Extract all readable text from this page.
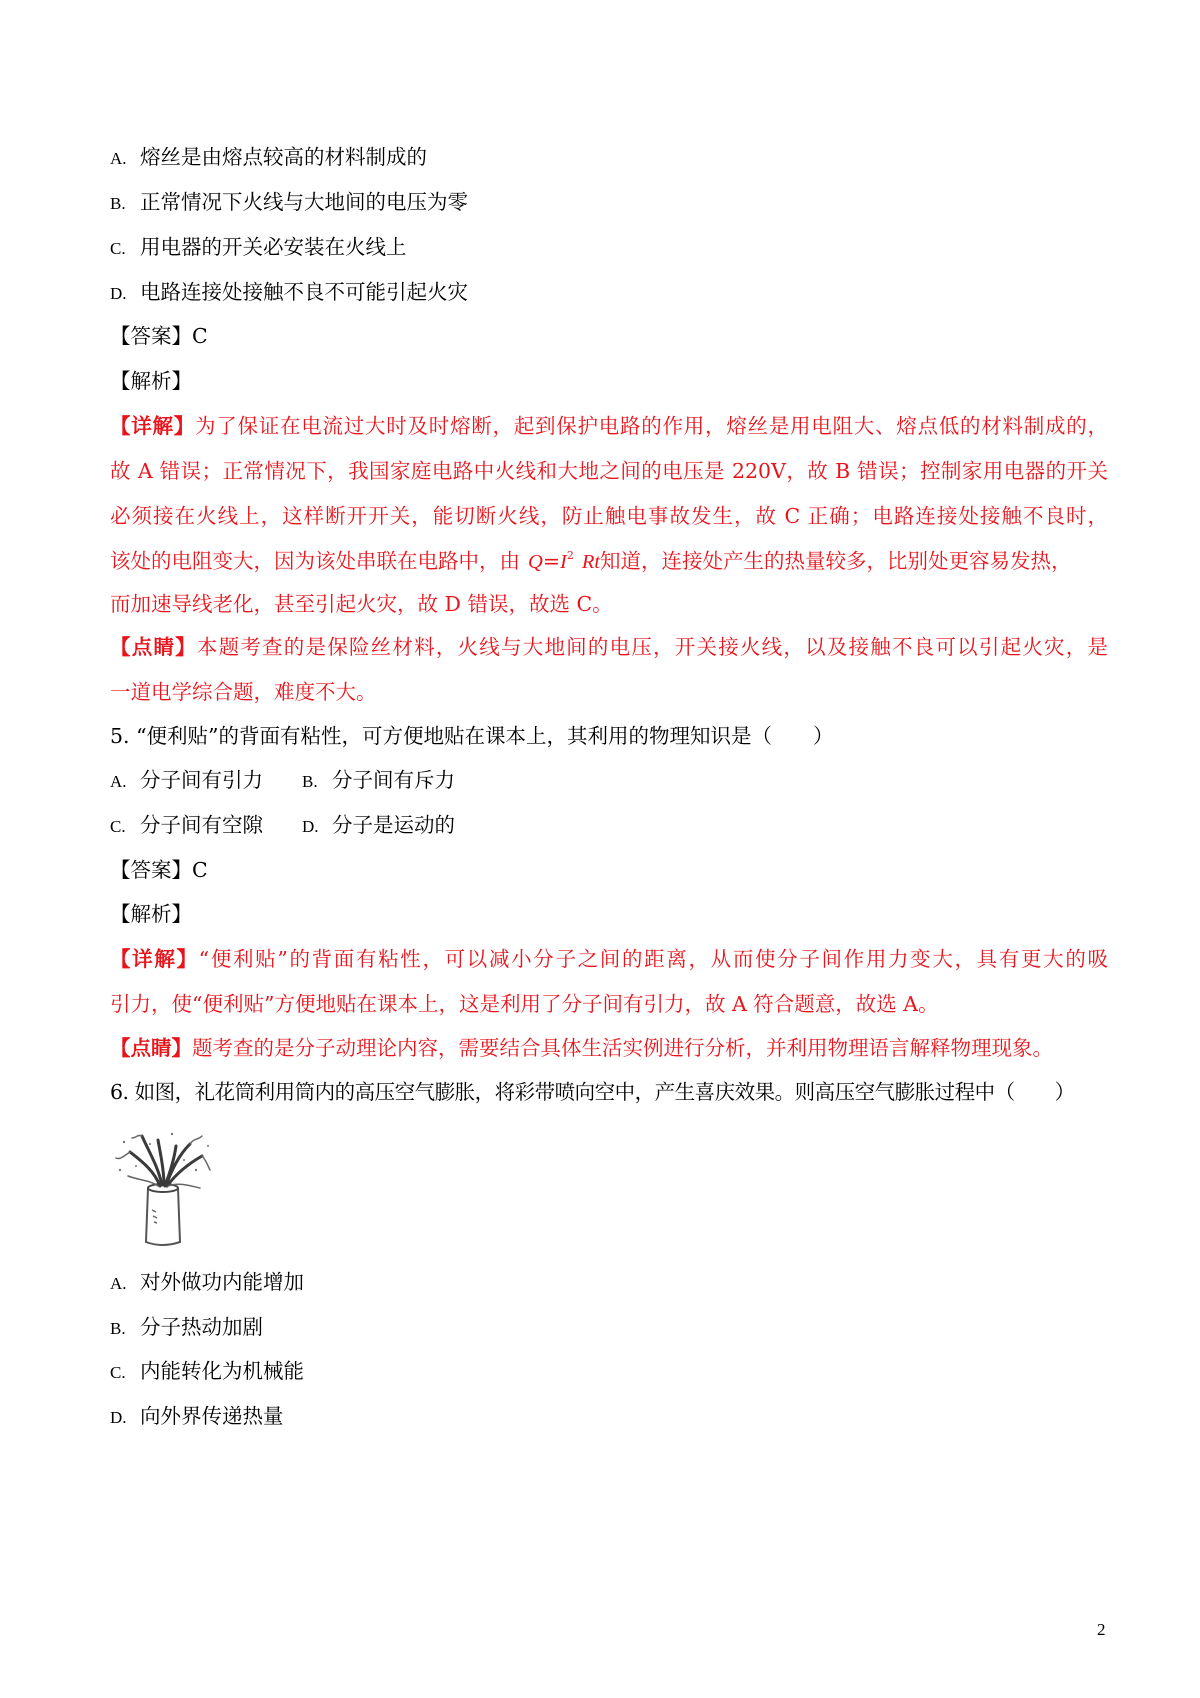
A. 熔丝是由熔点较高的材料制成的
B. 正常情况下火线与大地间的电压为零
C. 用电器的开关必安装在火线上
D. 电路连接处接触不良不可能引起火灾
【答案】C
【解析】
【详解】为了保证在电流过大时及时熔断，起到保护电路的作用，熔丝是用电阻大、熔点低的材料制成的，
故 A 错误；正常情况下，我国家庭电路中火线和大地之间的电压是 220V，故 B 错误；控制家用电器的开关
必须接在火线上，这样断开开关，能切断火线，防止触电事故发生，故 C 正确；电路连接处接触不良时，
该处的电阻变大，因为该处串联在电路中，由 $Q=I^2$ Rt知道，连接处产生的热量较多，比别处更容易发热，
而加速导线老化，甚至引起火灾，故 D 错误，故选 C。
【点睛】本题考查的是保险丝材料，火线与大地间的电压，开关接火线，以及接触不良可以引起火灾，是
一道电学综合题，难度不大。
5. “便利贴”的背面有粘性，可方便地贴在课本上，其利用的物理知识是（　　）
A. 分子间有引力 B. 分子间有斥力
C. 分子间有空隙 D. 分子是运动的
【答案】C
【解析】
【详解】“便利贴”的背面有粘性，可以减小分子之间的距离，从而使分子间作用力变大，具有更大的吸
引力，使“便利贴”方便地贴在课本上，这是利用了分子间有引力，故 A 符合题意，故选 A。
【点睛】题考查的是分子动理论内容，需要结合具体生活实例进行分析，并利用物理语言解释物理现象。
6. 如图，礼花筒利用筒内的高压空气膨胀，将彩带喷向空中，产生喜庆效果。则高压空气膨胀过程中（　　）
A. 对外做功内能增加
B. 分子热动加剧
C. 内能转化为机械能
D. 向外界传递热量
2
